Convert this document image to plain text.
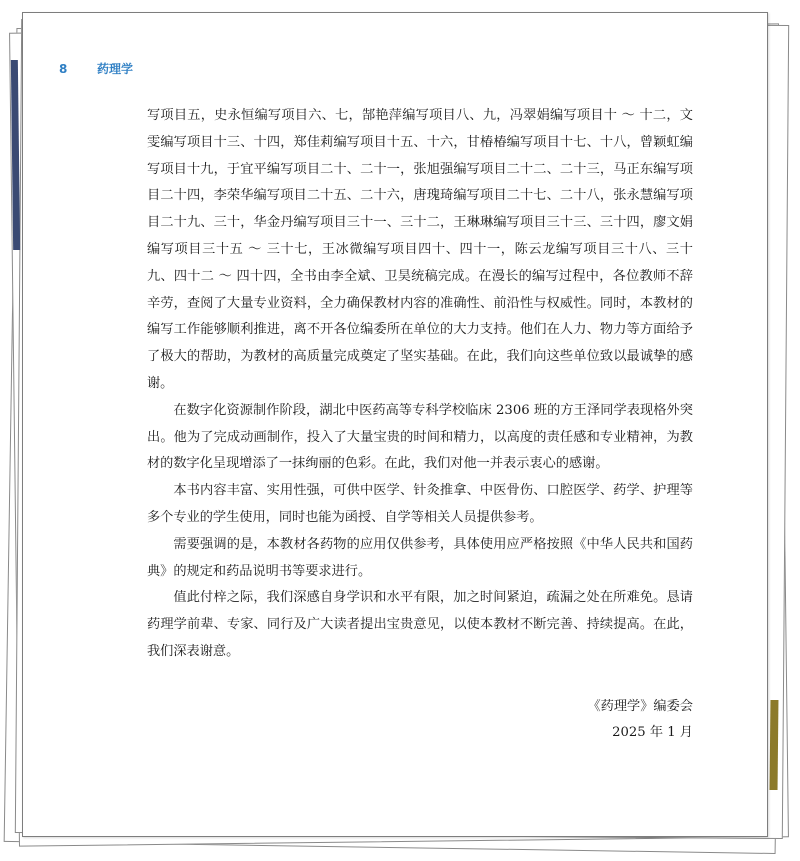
8	药理学

写项目五，史永恒编写项目六、七，郜艳萍编写项目八、九，冯翠娟编写项目十 ～ 十二，文雯编写项目十三、十四，郑佳莉编写项目十五、十六，甘椿椿编写项目十七、十八，曾颖虹编写项目十九，于宜平编写项目二十、二十一，张旭强编写项目二十二、二十三，马正东编写项目二十四，李荣华编写项目二十五、二十六，唐瑰琦编写项目二十七、二十八，张永慧编写项目二十九、三十，华金丹编写项目三十一、三十二，王琳琳编写项目三十三、三十四，廖文娟编写项目三十五 ～ 三十七，王冰微编写项目四十、四十一，陈云龙编写项目三十八、三十九、四十二 ～ 四十四，全书由李全斌、卫昊统稿完成。在漫长的编写过程中，各位教师不辞辛劳，查阅了大量专业资料，全力确保教材内容的准确性、前沿性与权威性。同时，本教材的编写工作能够顺利推进，离不开各位编委所在单位的大力支持。他们在人力、物力等方面给予了极大的帮助，为教材的高质量完成奠定了坚实基础。在此，我们向这些单位致以最诚挚的感谢。

在数字化资源制作阶段，湖北中医药高等专科学校临床 2306 班的方王泽同学表现格外突出。他为了完成动画制作，投入了大量宝贵的时间和精力，以高度的责任感和专业精神，为教材的数字化呈现增添了一抹绚丽的色彩。在此，我们对他一并表示衷心的感谢。

本书内容丰富、实用性强，可供中医学、针灸推拿、中医骨伤、口腔医学、药学、护理等多个专业的学生使用，同时也能为函授、自学等相关人员提供参考。

需要强调的是，本教材各药物的应用仅供参考，具体使用应严格按照《中华人民共和国药典》的规定和药品说明书等要求进行。

值此付梓之际，我们深感自身学识和水平有限，加之时间紧迫，疏漏之处在所难免。恳请药理学前辈、专家、同行及广大读者提出宝贵意见，以使本教材不断完善、持续提高。在此，我们深表谢意。

《药理学》编委会
2025 年 1 月
